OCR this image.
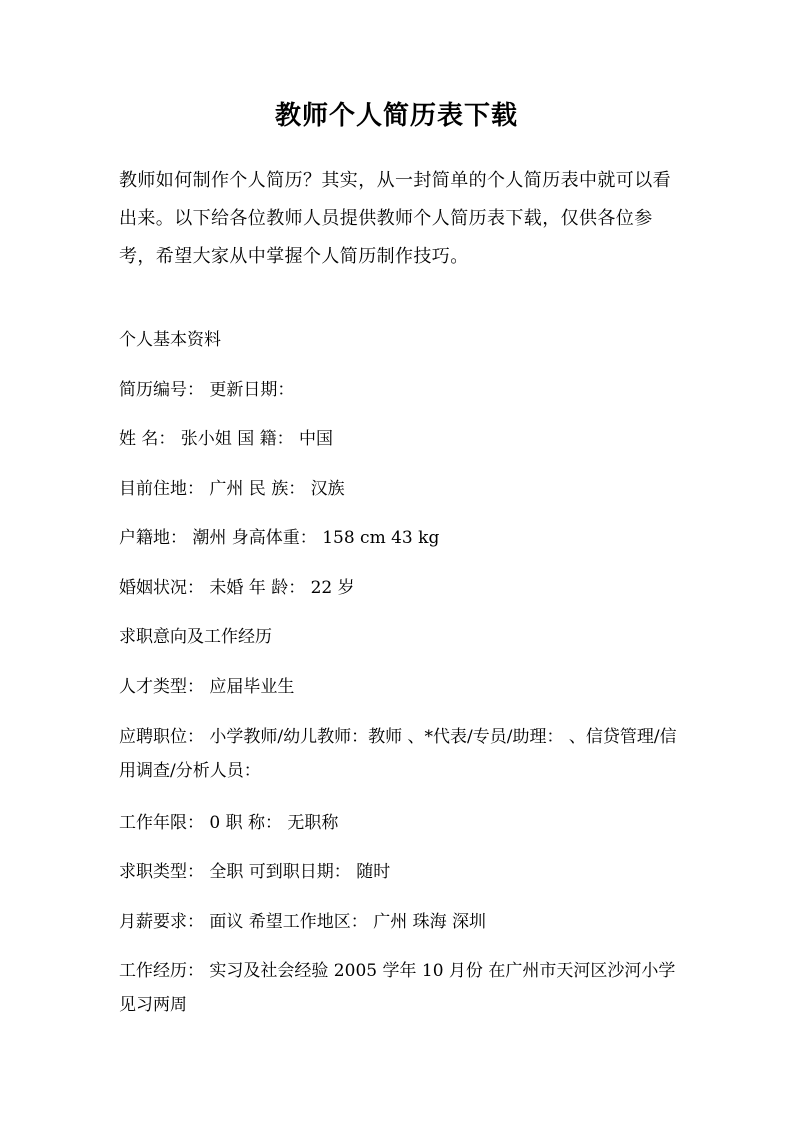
教师个人简历表下载
教师如何制作个人简历？其实，从一封简单的个人简历表中就可以看出来。以下给各位教师人员提供教师个人简历表下载，仅供各位参考，希望大家从中掌握个人简历制作技巧。
个人基本资料
简历编号： 更新日期：
姓 名： 张小姐 国 籍： 中国
目前住地： 广州 民 族： 汉族
户籍地： 潮州 身高体重： 158 cm 43 kg
婚姻状况： 未婚 年 龄： 22 岁
求职意向及工作经历
人才类型： 应届毕业生
应聘职位： 小学教师/幼儿教师：教师 、*代表/专员/助理： 、信贷管理/信用调查/分析人员：
工作年限： 0 职 称： 无职称
求职类型： 全职 可到职日期： 随时
月薪要求： 面议 希望工作地区： 广州 珠海 深圳
工作经历： 实习及社会经验 2005 学年 10 月份 在广州市天河区沙河小学见习两周
